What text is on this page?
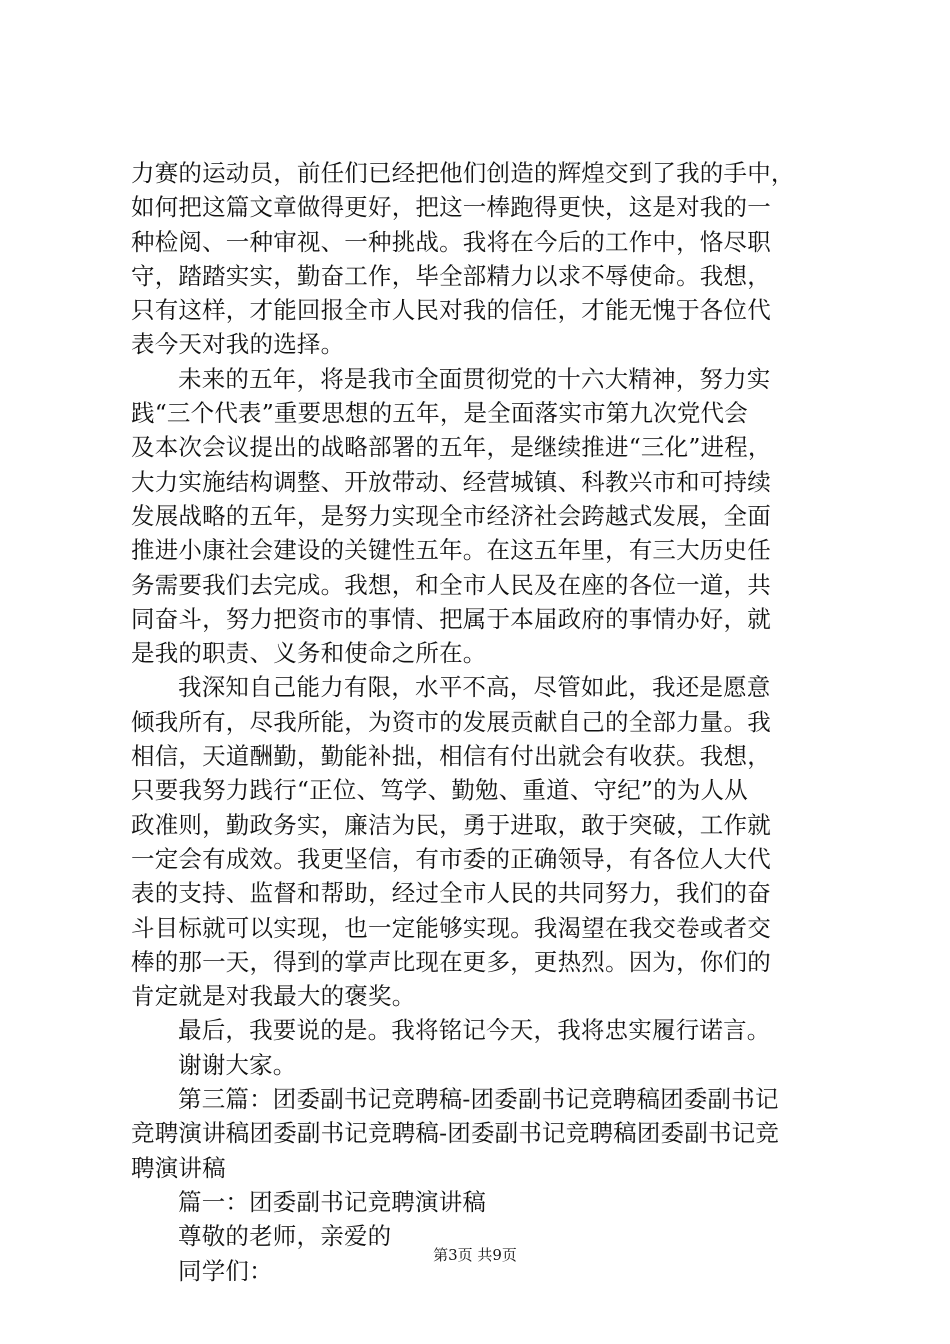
力赛的运动员，前任们已经把他们创造的辉煌交到了我的手中，
如何把这篇文章做得更好，把这一棒跑得更快，这是对我的一
种检阅、一种审视、一种挑战。我将在今后的工作中，恪尽职
守，踏踏实实，勤奋工作，毕全部精力以求不辱使命。我想，
只有这样，才能回报全市人民对我的信任，才能无愧于各位代
表今天对我的选择。
未来的五年，将是我市全面贯彻党的十六大精神，努力实
践“三个代表”重要思想的五年，是全面落实市第九次党代会
及本次会议提出的战略部署的五年，是继续推进“三化”进程，
大力实施结构调整、开放带动、经营城镇、科教兴市和可持续
发展战略的五年，是努力实现全市经济社会跨越式发展，全面
推进小康社会建设的关键性五年。在这五年里，有三大历史任
务需要我们去完成。我想，和全市人民及在座的各位一道，共
同奋斗，努力把资市的事情、把属于本届政府的事情办好，就
是我的职责、义务和使命之所在。
我深知自己能力有限，水平不高，尽管如此，我还是愿意
倾我所有，尽我所能，为资市的发展贡献自己的全部力量。我
相信，天道酬勤，勤能补拙，相信有付出就会有收获。我想，
只要我努力践行“正位、笃学、勤勉、重道、守纪”的为人从
政准则，勤政务实，廉洁为民，勇于进取，敢于突破，工作就
一定会有成效。我更坚信，有市委的正确领导，有各位人大代
表的支持、监督和帮助，经过全市人民的共同努力，我们的奋
斗目标就可以实现，也一定能够实现。我渴望在我交卷或者交
棒的那一天，得到的掌声比现在更多，更热烈。因为，你们的
肯定就是对我最大的褒奖。
最后，我要说的是。我将铭记今天，我将忠实履行诺言。
谢谢大家。
第三篇：团委副书记竞聘稿-团委副书记竞聘稿团委副书记
竞聘演讲稿团委副书记竞聘稿-团委副书记竞聘稿团委副书记竞
聘演讲稿
篇一：团委副书记竞聘演讲稿
尊敬的老师，亲爱的
同学们：
第3页 共9页
